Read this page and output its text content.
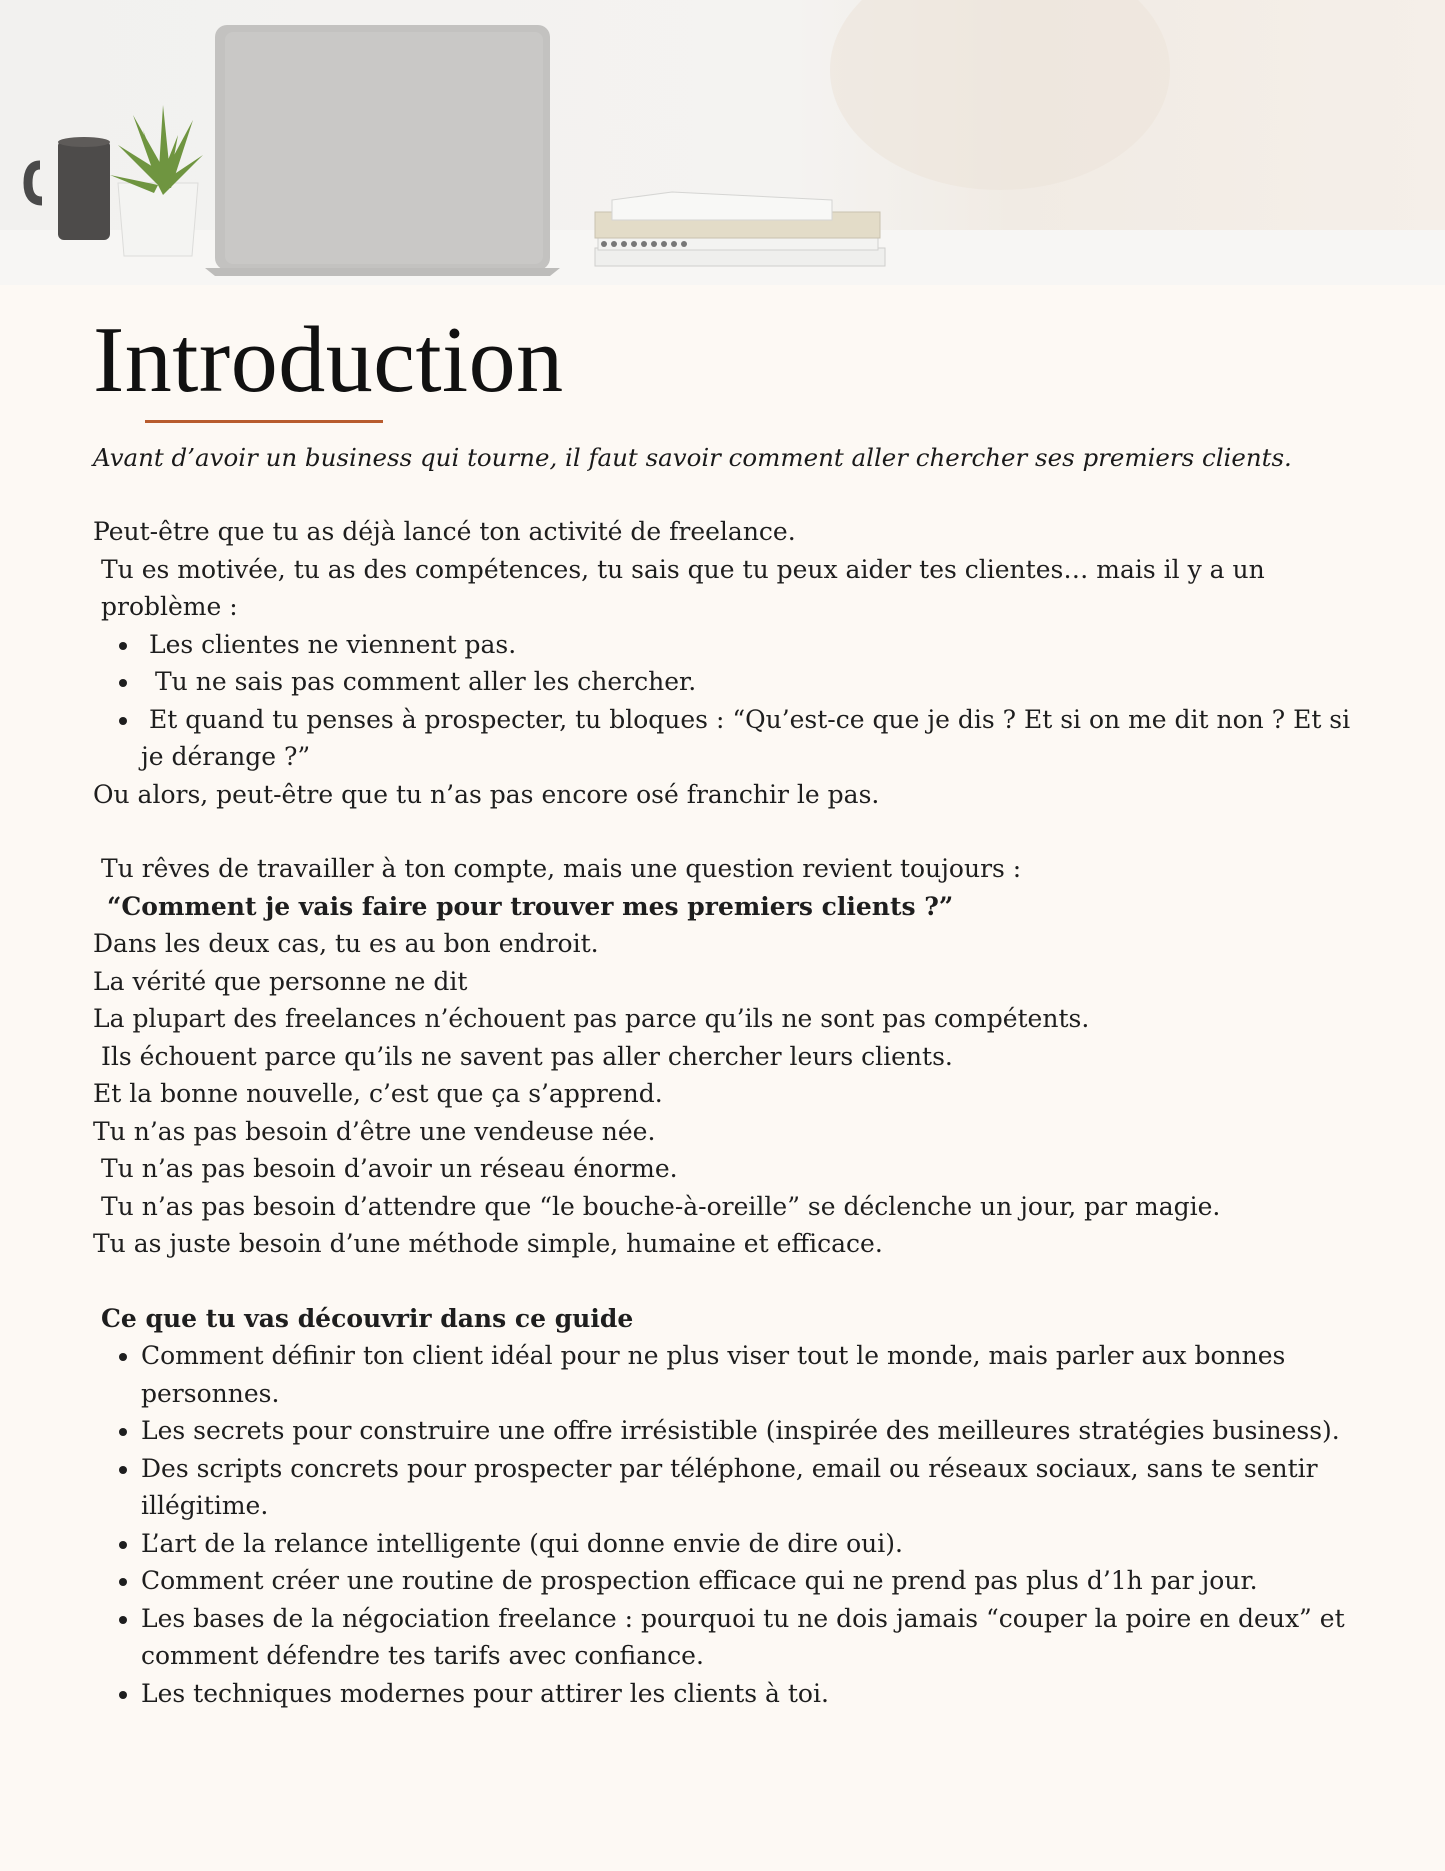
Introduction

Avant d’avoir un business qui tourne, il faut savoir comment aller chercher ses premiers clients.

Peut-être que tu as déjà lancé ton activité de freelance.

Tu es motivée, tu as des compétences, tu sais que tu peux aider tes clientes… mais il y a un problème :

• Les clientes ne viennent pas.
• Tu ne sais pas comment aller les chercher.
• Et quand tu penses à prospecter, tu bloques : “Qu’est-ce que je dis ? Et si on me dit non ? Et si je dérange ?”

Ou alors, peut-être que tu n’as pas encore osé franchir le pas.

Tu rêves de travailler à ton compte, mais une question revient toujours :

“Comment je vais faire pour trouver mes premiers clients ?”

Dans les deux cas, tu es au bon endroit.

La vérité que personne ne dit

La plupart des freelances n’échouent pas parce qu’ils ne sont pas compétents.

Ils échouent parce qu’ils ne savent pas aller chercher leurs clients.

Et la bonne nouvelle, c’est que ça s’apprend.

Tu n’as pas besoin d’être une vendeuse née.

Tu n’as pas besoin d’avoir un réseau énorme.

Tu n’as pas besoin d’attendre que “le bouche-à-oreille” se déclenche un jour, par magie.

Tu as juste besoin d’une méthode simple, humaine et efficace.

Ce que tu vas découvrir dans ce guide

• Comment définir ton client idéal pour ne plus viser tout le monde, mais parler aux bonnes personnes.
• Les secrets pour construire une offre irrésistible (inspirée des meilleures stratégies business).
• Des scripts concrets pour prospecter par téléphone, email ou réseaux sociaux, sans te sentir illégitime.
• L’art de la relance intelligente (qui donne envie de dire oui).
• Comment créer une routine de prospection efficace qui ne prend pas plus d’1h par jour.
• Les bases de la négociation freelance : pourquoi tu ne dois jamais “couper la poire en deux” et comment défendre tes tarifs avec confiance.
• Les techniques modernes pour attirer les clients à toi.
